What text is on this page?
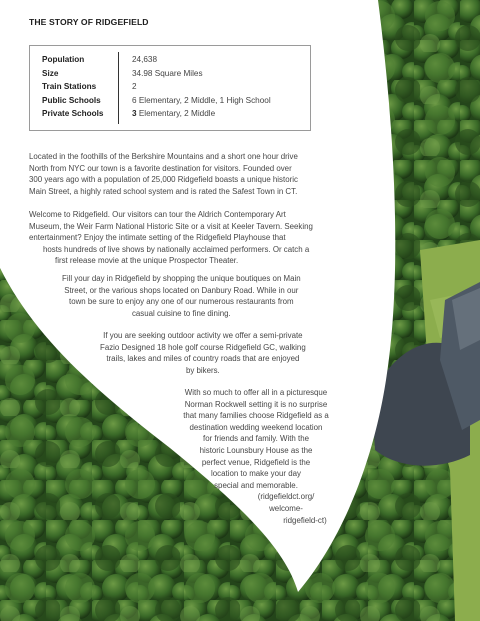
THE STORY OF RIDGEFIELD
Population	24,638
Size	34.98 Square Miles
Train Stations	2
Public Schools	6 Elementary, 2 Middle, 1 High School
Private Schools	3 Elementary, 2 Middle
Located in the foothills of the Berkshire Mountains and a short one hour drive
North from NYC our town is a favorite destination for visitors. Founded over
300 years ago with a population of 25,000 Ridgefield boasts a unique historic
Main Street, a highly rated school system and is rated the Safest Town in CT.
Welcome to Ridgefield. Our visitors can tour the Aldrich Contemporary Art
Museum, the Weir Farm National Historic Site or a visit at Keeler Tavern. Seeking
entertainment? Enjoy the intimate setting of the Ridgefield Playhouse that
hosts hundreds of live shows by nationally acclaimed performers. Or catch a
first release movie at the unique Prospector Theater.
Fill your day in Ridgefield by shopping the unique boutiques on Main
Street, or the various shops located on Danbury Road. While in our
town be sure to enjoy any one of our numerous restaurants from
casual cuisine to fine dining.
If you are seeking outdoor activity we offer a semi-private
Fazio Designed 18 hole golf course Ridgefield GC, walking
trails, lakes and miles of country roads that are enjoyed
by bikers.
With so much to offer all in a picturesque
Norman Rockwell setting it is no surprise
that many families choose Ridgefield as a
destination wedding weekend location
for friends and family. With the
historic Lounsbury House as the
perfect venue, Ridgefield is the
location to make your day
special and memorable.
(ridgefieldct.org/
welcome-
ridgefield-ct)
